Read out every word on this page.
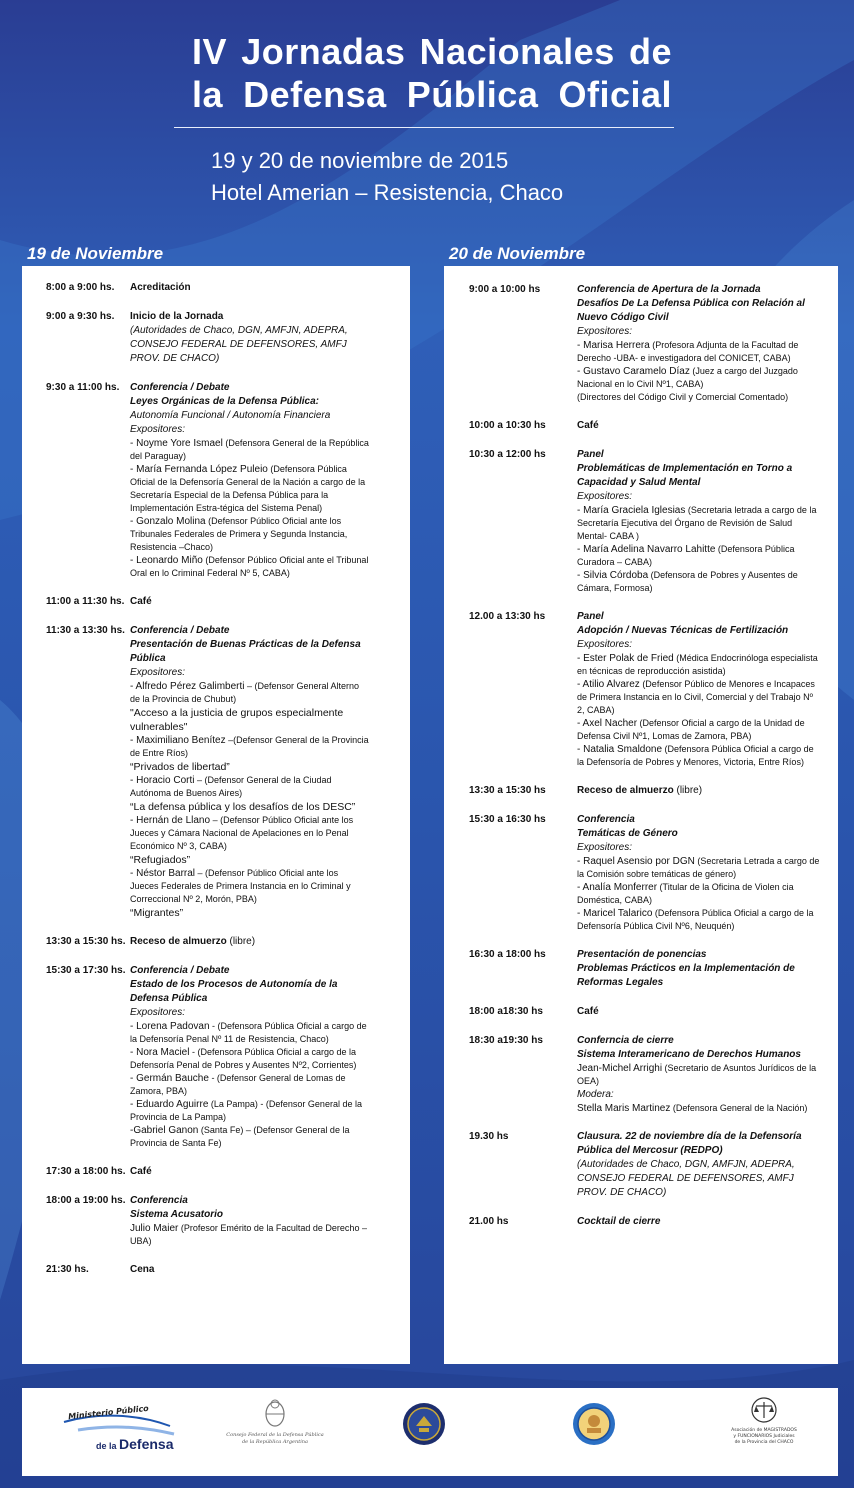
IV Jornadas Nacionales de
la Defensa Pública Oficial
19 y 20 de noviembre de 2015
Hotel Amerian – Resistencia, Chaco
19 de Noviembre	20 de Noviembre
8:00 a 9:00 hs.	Acreditación
9:00 a 9:30 hs.	Inicio de la Jornada
(Autoridades de Chaco, DGN, AMFJN, ADEPRA, CONSEJO FEDERAL DE DEFENSORES, AMFJ PROV. DE CHACO)
9:30 a 11:00 hs.	Conferencia / Debate
Leyes Orgánicas de la Defensa Pública:
Autonomía Funcional / Autonomía Financiera
Expositores:
- Noyme Yore Ismael (Defensora General de la República del Paraguay)
- María Fernanda López Puleio (Defensora Pública Oficial de la Defensoría General de la Nación a cargo de la Secretaría Especial de la Defensa Pública para la Implementación Estra-tégica del Sistema Penal)
- Gonzalo Molina (Defensor Público Oficial ante los Tribunales Federales de Primera y Segunda Instancia, Resistencia –Chaco)
- Leonardo Miño (Defensor Público Oficial ante el Tribunal Oral en lo Criminal Federal Nº 5, CABA)
11:00 a 11:30 hs. Café
11:30 a 13:30 hs. Conferencia / Debate
Presentación de Buenas Prácticas de la Defensa Pública
Expositores:
- Alfredo Pérez Galimberti – (Defensor General Alterno de la Provincia de Chubut)
"Acceso a la justicia de grupos especialmente vulnerables"
- Maximiliano Benítez –(Defensor General de la Provincia de Entre Ríos)
“Privados de libertad”
- Horacio Corti – (Defensor General de la Ciudad Autónoma de Buenos Aires)
“La defensa pública y los desafíos de los DESC”
- Hernán de Llano – (Defensor Público Oficial ante los Jueces y Cámara Nacional de Apelaciones en lo Penal Económico Nº 3, CABA)
“Refugiados”
- Néstor Barral – (Defensor Público Oficial ante los Jueces Federales de Primera Instancia en lo Criminal y Correccional Nº 2, Morón, PBA)
“Migrantes”
13:30 a 15:30 hs. Receso de almuerzo (libre)
15:30 a 17:30 hs. Conferencia / Debate
Estado de los Procesos de Autonomía de la Defensa Pública
Expositores:
- Lorena Padovan - (Defensora Pública Oficial a cargo de la Defensoría Penal Nº 11 de Resistencia, Chaco)
- Nora Maciel - (Defensora Pública Oficial a cargo de la Defensoría Penal de Pobres y Ausentes Nº2, Corrientes)
- Germán Bauche - (Defensor General de Lomas de Zamora, PBA)
- Eduardo Aguirre (La Pampa) - (Defensor General de la Provincia de La Pampa)
-Gabriel Ganon (Santa Fe) – (Defensor General de la Provincia de Santa Fe)
17:30 a 18:00 hs. Café
18:00 a 19:00 hs. Conferencia
Sistema Acusatorio
Julio Maier (Profesor Emérito de la Facultad de Derecho – UBA)
21:30 hs.	Cena
9:00 a 10:00 hs	Conferencia de Apertura de la Jornada
Desafíos De La Defensa Pública con Relación al Nuevo Código Civil
Expositores:
- Marisa Herrera (Profesora Adjunta de la Facultad de Derecho -UBA- e investigadora del CONICET, CABA)
- Gustavo Caramelo Díaz (Juez a cargo del Juzgado Nacional en lo Civil Nº1, CABA)
(Directores del Código Civil y Comercial Comentado)
10:00 a 10:30 hs	Café
10:30 a 12:00 hs	Panel
Problemáticas de Implementación en Torno a Capacidad y Salud Mental
Expositores:
- María Graciela Iglesias (Secretaria letrada a cargo de la Secretaría Ejecutiva del Órgano de Revisión de Salud Mental- CABA )
- María Adelina Navarro Lahitte (Defensora Pública Curadora – CABA)
- Silvia Córdoba (Defensora de Pobres y Ausentes de Cámara, Formosa)
12.00 a 13:30 hs	Panel
Adopción / Nuevas Técnicas de Fertilización
Expositores:
- Ester Polak de Fried (Médica Endocrinóloga especialista en técnicas de reproducción asistida)
- Atilio Alvarez (Defensor Público de Menores e Incapaces de Primera Instancia en lo Civil, Comercial y del Trabajo Nº 2, CABA)
- Axel Nacher (Defensor Oficial a cargo de la Unidad de Defensa Civil Nº1, Lomas de Zamora, PBA)
- Natalia Smaldone (Defensora Pública Oficial a cargo de la Defensoría de Pobres y Menores, Victoria, Entre Ríos)
13:30 a 15:30 hs	Receso de almuerzo (libre)
15:30 a 16:30 hs	Conferencia
Temáticas de Género
Expositores:
- Raquel Asensio por DGN (Secretaria Letrada a cargo de la Comisión sobre temáticas de género)
- Analía Monferrer (Titular de la Oficina de Violen cia Doméstica, CABA)
- Maricel Talarico (Defensora Pública Oficial a cargo de la Defensoría Pública Civil Nº6, Neuquén)
16:30 a 18:00 hs	Presentación de ponencias
Problemas Prácticos en la Implementación de Reformas Legales
18:00 a18:30 hs	Café
18:30 a19:30 hs	Conferncia de cierre
Sistema Interamericano de Derechos Humanos
Jean-Michel Arrighi (Secretario de Asuntos Jurídicos de la OEA)
Modera:
Stella Maris Martinez (Defensora General de la Nación)
19.30 hs	Clausura. 22 de noviembre día de la Defensoría Pública del Mercosur (REDPO)
(Autoridades de Chaco, DGN, AMFJN, ADEPRA, CONSEJO FEDERAL DE DEFENSORES, AMFJ PROV. DE CHACO)
21.00 hs	Cocktail de cierre
Ministerio Público
de la Defensa
Consejo Federal de la Defensa Pública
de la República Argentina
Asociación de MAGISTRADOS y FUNCIONARIOS Judiciales de la Provincia del CHACO
